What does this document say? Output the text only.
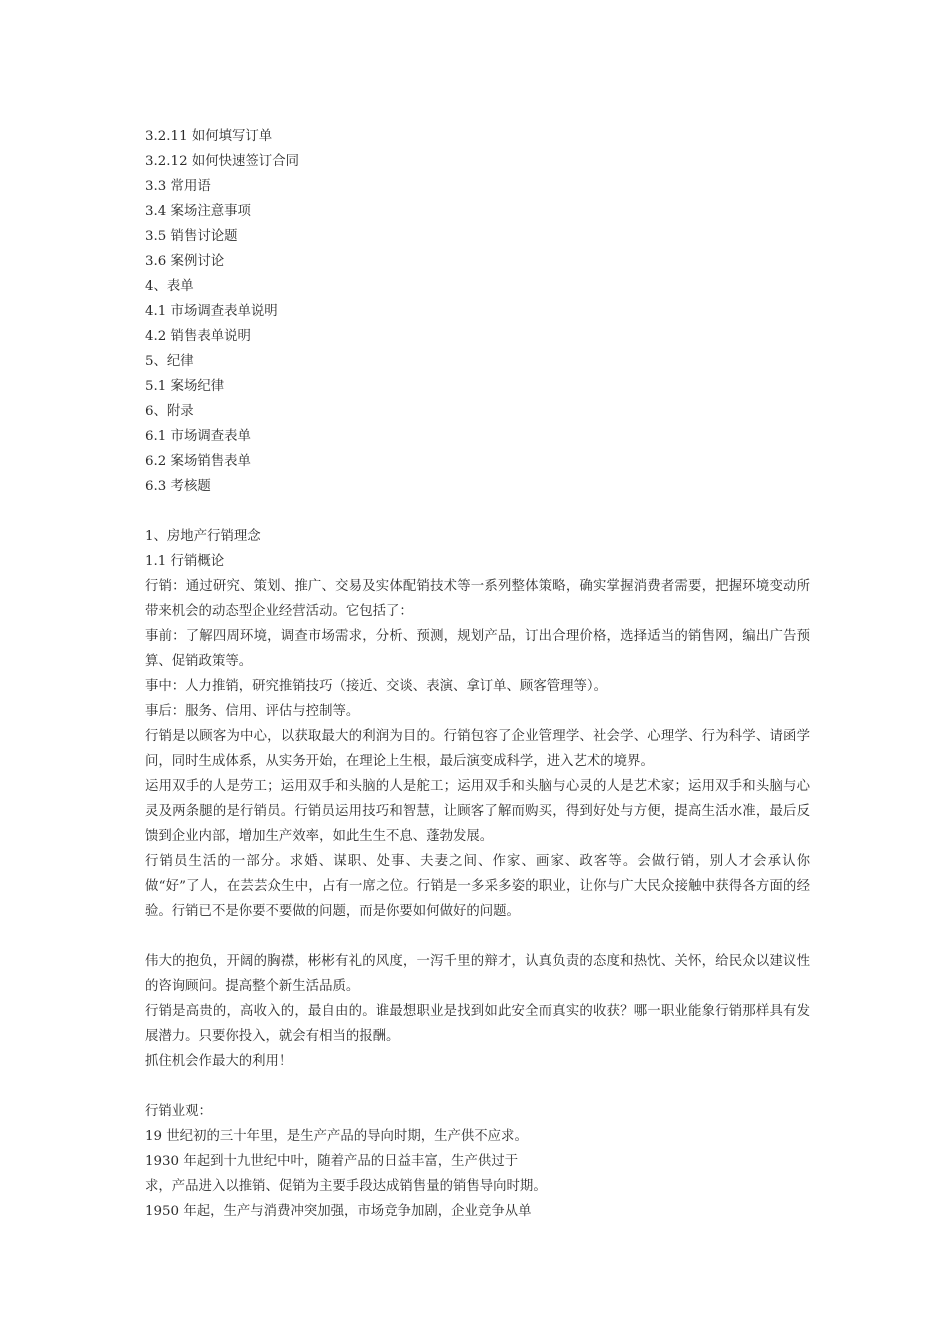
3.2.11 如何填写订单
3.2.12 如何快速签订合同
3.3 常用语
3.4 案场注意事项
3.5 销售讨论题
3.6 案例讨论
4、表单
4.1 市场调查表单说明
4.2 销售表单说明
5、纪律
5.1 案场纪律
6、附录
6.1 市场调查表单
6.2 案场销售表单
6.3 考核题
1、房地产行销理念
1.1 行销概论
行销：通过研究、策划、推广、交易及实体配销技术等一系列整体策略，确实掌握消费者需要，把握环境变动所带来机会的动态型企业经营活动。它包括了：
事前：了解四周环境，调查市场需求，分析、预测，规划产品，订出合理价格，选择适当的销售网，编出广告预算、促销政策等。
事中：人力推销，研究推销技巧（接近、交谈、表演、拿订单、顾客管理等）。
事后：服务、信用、评估与控制等。
行销是以顾客为中心，以获取最大的利润为目的。行销包容了企业管理学、社会学、心理学、行为科学、请函学问，同时生成体系，从实务开始，在理论上生根，最后演变成科学，进入艺术的境界。
运用双手的人是劳工；运用双手和头脑的人是舵工；运用双手和头脑与心灵的人是艺术家；运用双手和头脑与心灵及两条腿的是行销员。行销员运用技巧和智慧，让顾客了解而购买，得到好处与方便，提高生活水准，最后反馈到企业内部，增加生产效率，如此生生不息、蓬勃发展。
行销员生活的一部分。求婚、谋职、处事、夫妻之间、作家、画家、政客等。会做行销，别人才会承认你做“好”了人，在芸芸众生中，占有一席之位。行销是一多采多姿的职业，让你与广大民众接触中获得各方面的经验。行销已不是你要不要做的问题，而是你要如何做好的问题。
伟大的抱负，开阔的胸襟，彬彬有礼的风度，一泻千里的辩才，认真负责的态度和热忱、关怀，给民众以建议性的咨询顾问。提高整个新生活品质。
行销是高贵的，高收入的，最自由的。谁最想职业是找到如此安全而真实的收获？哪一职业能象行销那样具有发展潜力。只要你投入，就会有相当的报酬。
抓住机会作最大的利用！
行销业观：
19 世纪初的三十年里，是生产产品的导向时期，生产供不应求。
1930 年起到十九世纪中叶，随着产品的日益丰富，生产供过于
求，产品进入以推销、促销为主要手段达成销售量的销售导向时期。
1950 年起，生产与消费冲突加强，市场竞争加剧，企业竞争从单
